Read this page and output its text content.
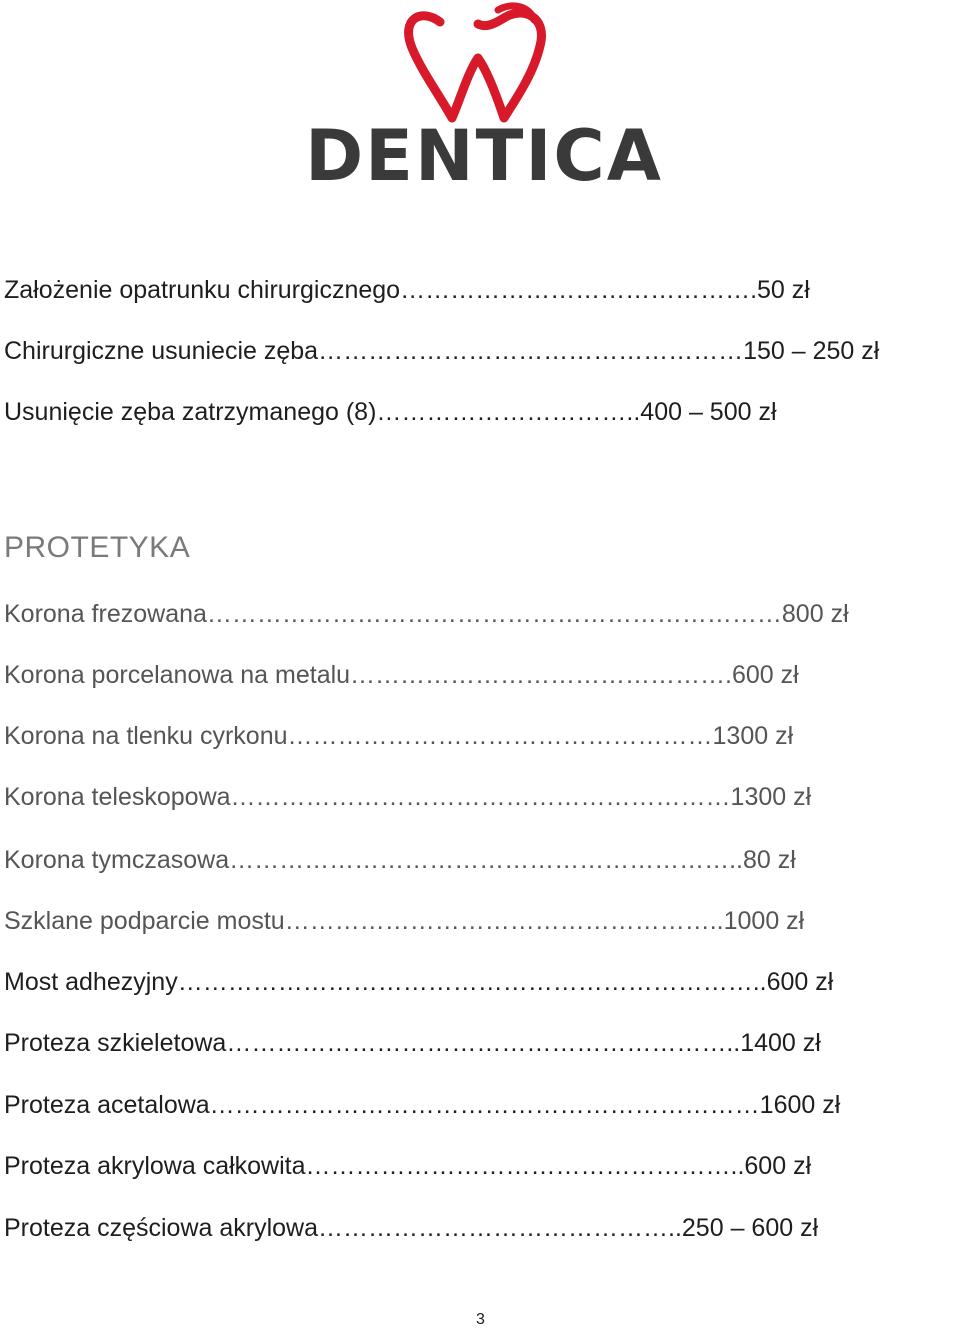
DENTICA
Założenie opatrunku chirurgicznego…………………………………….50 zł
Chirurgiczne usuniecie zęba……………………………………………150 – 250 zł
Usunięcie zęba zatrzymanego (8)…………………………..400 – 500 zł
PROTETYKA
Korona frezowana……………………………………………………………800 zł
Korona porcelanowa na metalu……………………………………….600 zł
Korona na tlenku cyrkonu……………………………………………1300 zł
Korona teleskopowa……………………………………………………1300 zł
Korona tymczasowa……………………………………………………..80 zł
Szklane podparcie mostu……………………………………………..1000 zł
Most adhezyjny……………………………………………………………..600 zł
Proteza szkieletowa……………………………………………………..1400 zł
Proteza acetalowa…………………………………………………………1600 zł
Proteza akrylowa całkowita……………………………………………..600 zł
Proteza częściowa akrylowa……………………………………..250 – 600 zł
3
